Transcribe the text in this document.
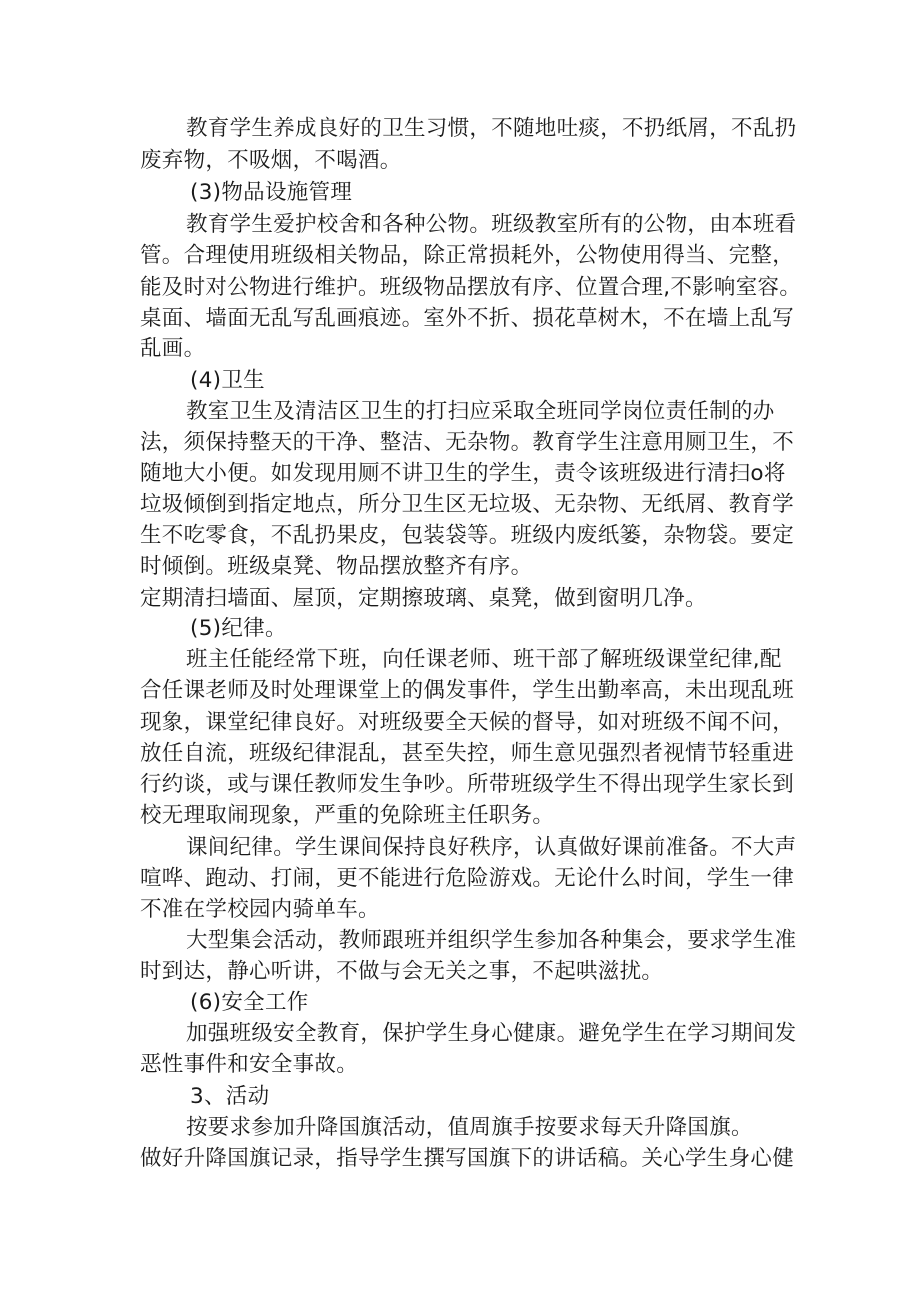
教育学生养成良好的卫生习惯，不随地吐痰，不扔纸屑，不乱扔

废弃物，不吸烟，不喝酒。

(3)物品设施管理

教育学生爱护校舍和各种公物。班级教室所有的公物，由本班看

管。合理使用班级相关物品，除正常损耗外，公物使用得当、完整，

能及时对公物进行维护。班级物品摆放有序、位置合理,不影响室容。

桌面、墙面无乱写乱画痕迹。室外不折、损花草树木，不在墙上乱写

乱画。

(4)卫生

教室卫生及清洁区卫生的打扫应采取全班同学岗位责任制的办

法，须保持整天的干净、整洁、无杂物。教育学生注意用厕卫生，不

随地大小便。如发现用厕不讲卫生的学生，责令该班级进行清扫o将

垃圾倾倒到指定地点，所分卫生区无垃圾、无杂物、无纸屑、教育学

生不吃零食，不乱扔果皮，包装袋等。班级内废纸篓，杂物袋。要定

时倾倒。班级桌凳、物品摆放整齐有序。

定期清扫墙面、屋顶，定期擦玻璃、桌凳，做到窗明几净。

(5)纪律。

班主任能经常下班，向任课老师、班干部了解班级课堂纪律,配

合任课老师及时处理课堂上的偶发事件，学生出勤率高，未出现乱班

现象，课堂纪律良好。对班级要全天候的督导，如对班级不闻不问，

放任自流，班级纪律混乱，甚至失控，师生意见强烈者视情节轻重进

行约谈，或与课任教师发生争吵。所带班级学生不得出现学生家长到

校无理取闹现象，严重的免除班主任职务。

课间纪律。学生课间保持良好秩序，认真做好课前准备。不大声

喧哗、跑动、打闹，更不能进行危险游戏。无论什么时间，学生一律

不准在学校园内骑单车。

大型集会活动，教师跟班并组织学生参加各种集会，要求学生准

时到达，静心听讲，不做与会无关之事，不起哄滋扰。

(6)安全工作

加强班级安全教育，保护学生身心健康。避免学生在学习期间发

恶性事件和安全事故。

3、活动

按要求参加升降国旗活动，值周旗手按要求每天升降国旗。

做好升降国旗记录，指导学生撰写国旗下的讲话稿。关心学生身心健
